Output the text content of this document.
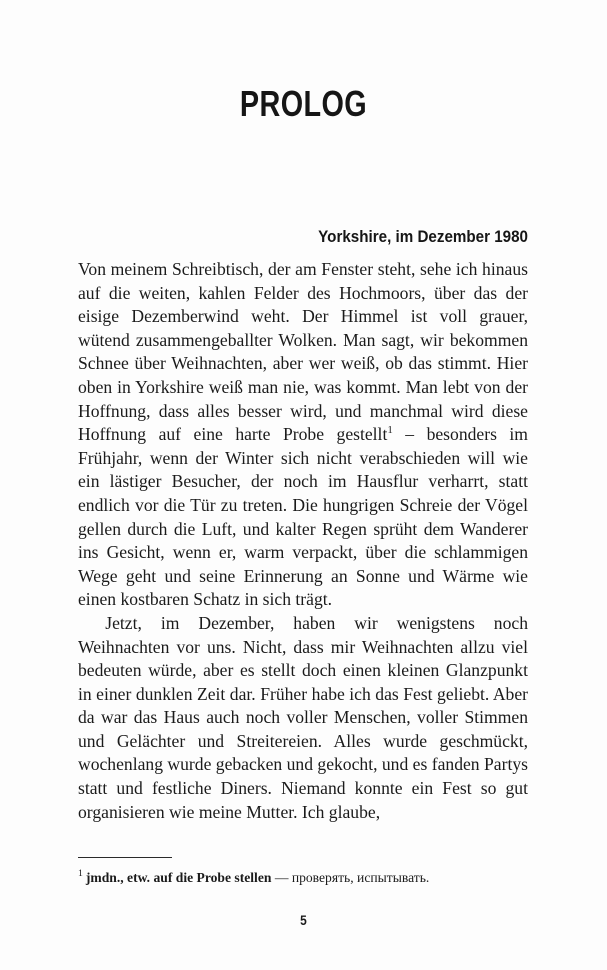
PROLOG
Yorkshire, im Dezember 1980

Von meinem Schreibtisch, der am Fenster steht, sehe ich hinaus auf die weiten, kahlen Felder des Hochmoors, über das der eisige Dezemberwind weht. Der Himmel ist voll grauer, wütend zusammengeballter Wolken. Man sagt, wir bekommen Schnee über Weihnachten, aber wer weiß, ob das stimmt. Hier oben in Yorkshire weiß man nie, was kommt. Man lebt von der Hoffnung, dass alles besser wird, und manchmal wird diese Hoffnung auf eine harte Probe gestellt$^1$ – besonders im Frühjahr, wenn der Winter sich nicht verabschieden will wie ein lästiger Besucher, der noch im Hausflur verharrt, statt endlich vor die Tür zu treten. Die hungrigen Schreie der Vögel gellen durch die Luft, und kalter Regen sprüht dem Wanderer ins Gesicht, wenn er, warm verpackt, über die schlammigen Wege geht und seine Erinnerung an Sonne und Wärme wie einen kostbaren Schatz in sich trägt.

Jetzt, im Dezember, haben wir wenigstens noch Weihnachten vor uns. Nicht, dass mir Weihnachten allzu viel bedeuten würde, aber es stellt doch einen kleinen Glanzpunkt in einer dunklen Zeit dar. Früher habe ich das Fest geliebt. Aber da war das Haus auch noch voller Menschen, voller Stimmen und Gelächter und Streitereien. Alles wurde geschmückt, wochenlang wurde gebacken und gekocht, und es fanden Partys statt und festliche Diners. Niemand konnte ein Fest so gut organisieren wie meine Mutter. Ich glaube,

$^1$ jmdn., etw. auf die Probe stellen — проверять, испытывать.
5
